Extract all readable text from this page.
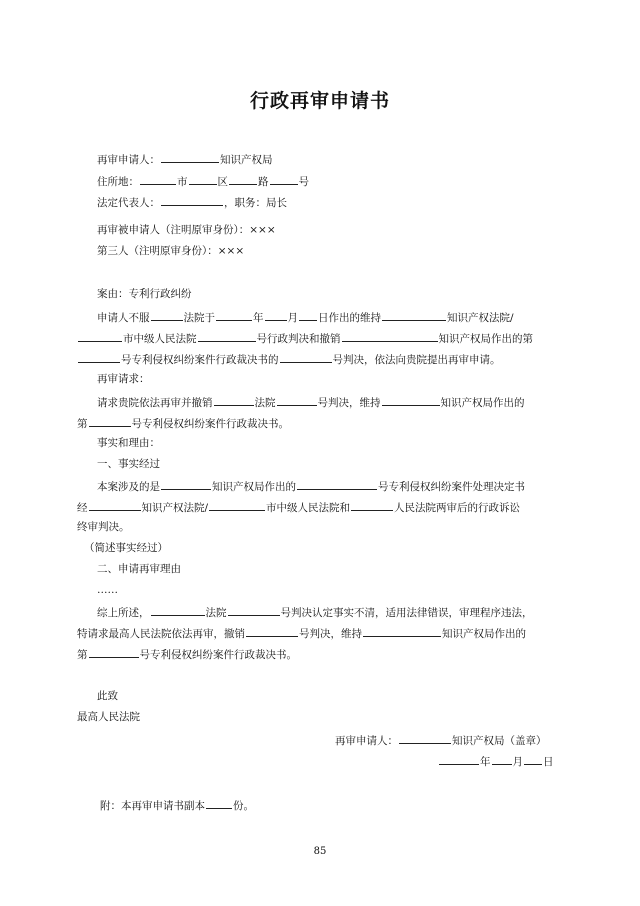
行政再审申请书
再审申请人：	知识产权局
住所地：	市	区	路	号
法定代表人：	，职务：局长
再审被申请人（注明原审身份）：×××
第三人（注明原审身份）：×××
案由：专利行政纠纷
申请人不服	法院于	年 月 日作出的维持	知识产权法院/
市中级人民法院	号行政判决和撤销	知识产权局作出的第
号专利侵权纠纷案件行政裁决书的	号判决，依法向贵院提出再审申请。
再审请求：
请求贵院依法再审并撤销	法院	号判决，维持	知识产权局作出的
第	号专利侵权纠纷案件行政裁决书。
事实和理由：
一、事实经过
本案涉及的是	知识产权局作出的	号专利侵权纠纷案件处理决定书
经	知识产权法院/	市中级人民法院和	人民法院两审后的行政诉讼
终审判决。
（简述事实经过）
二、申请再审理由
……
综上所述，	法院	号判决认定事实不清，适用法律错误，审理程序违法，
特请求最高人民法院依法再审，撤销	号判决，维持	知识产权局作出的
第	号专利侵权纠纷案件行政裁决书。
此致
最高人民法院
再审申请人：	知识产权局（盖章）
年 月 日
附：本再审申请书副本	份。
85
